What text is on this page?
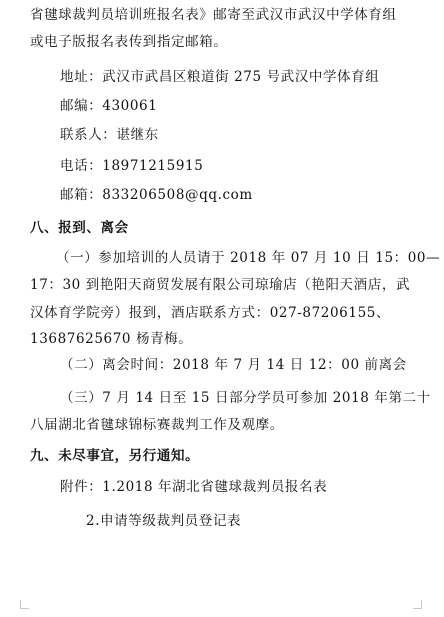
省毽球裁判员培训班报名表》邮寄至武汉市武汉中学体育组
或电子版报名表传到指定邮箱。
地址：武汉市武昌区粮道街 275 号武汉中学体育组
邮编：430061
联系人：谌继东
电话：18971215915
邮箱：833206508@qq.com
八、报到、离会
（一）参加培训的人员请于 2018 年 07 月 10 日 15：00—
17：30 到艳阳天商贸发展有限公司琼瑜店（艳阳天酒店，武
汉体育学院旁）报到，酒店联系方式：027-87206155、
13687625670 杨青梅。
（二）离会时间：2018 年 7 月 14 日 12：00 前离会
（三）7 月 14 日至 15 日部分学员可参加 2018 年第二十
八届湖北省毽球锦标赛裁判工作及观摩。
九、未尽事宜，另行通知。
附件：1.2018 年湖北省毽球裁判员报名表
2.申请等级裁判员登记表
